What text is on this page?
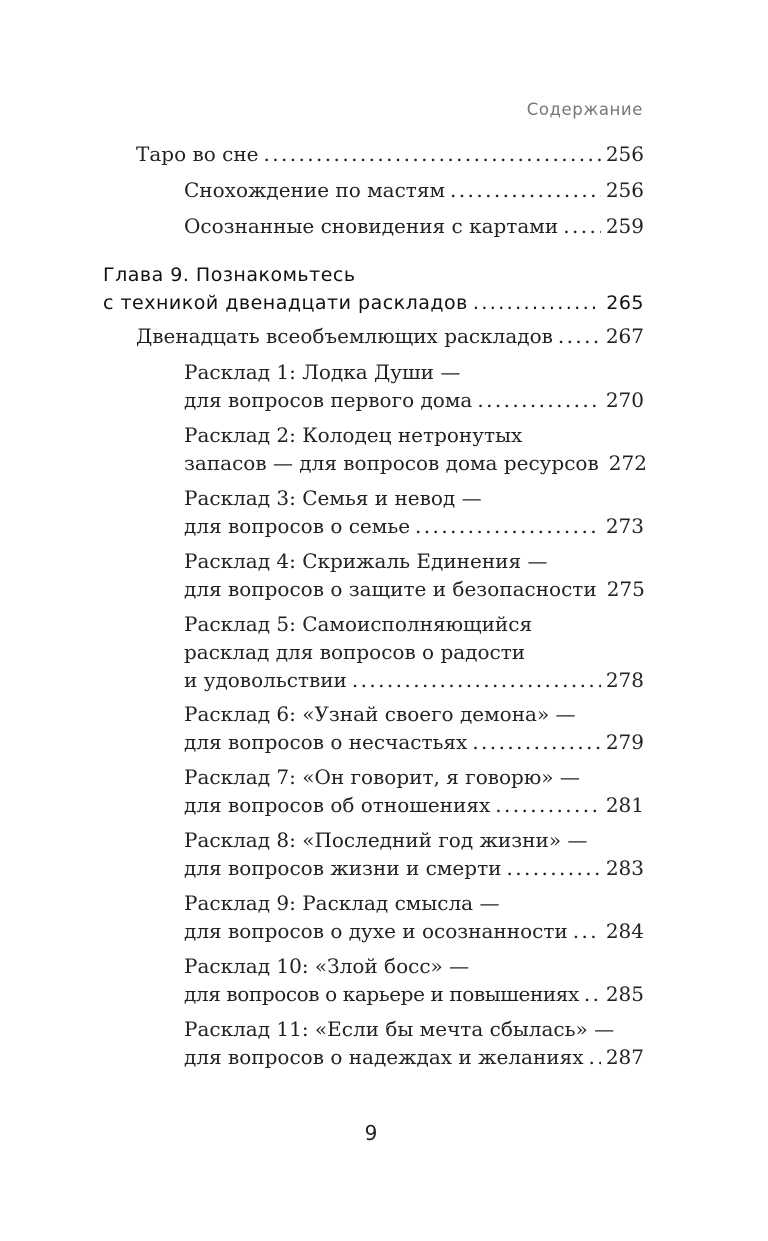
Содержание
Таро во сне .....	256
Снохождение по мастям .....	256
Осознанные сновидения с картами ..... 259
Глава 9. Познакомьтесь
с техникой двенадцати раскладов .....	265
Двенадцать всеобъемлющих раскладов .....	267
Расклад 1: Лодка Души —
для вопросов первого дома .....	270
Расклад 2: Колодец нетронутых
запасов — для вопросов дома ресурсов 272
Расклад 3: Семья и невод —
для вопросов о семье .....	273
Расклад 4: Скрижаль Единения —
для вопросов о защите и безопасности 275
Расклад 5: Самоисполняющийся
расклад для вопросов о радости
и удовольствии .....	278
Расклад 6: «Узнай своего демона» —
для вопросов о несчастьях .....	279
Расклад 7: «Он говорит, я говорю» —
для вопросов об отношениях .....	281
Расклад 8: «Последний год жизни» —
для вопросов жизни и смерти .....	283
Расклад 9: Расклад смысла —
для вопросов о духе и осознанности ..... 284
Расклад 10: «Злой босс» —
для вопросов о карьере и повышениях ..... 285
Расклад 11: «Если бы мечта сбылась» —
для вопросов о надеждах и желаниях ..... 287
9
